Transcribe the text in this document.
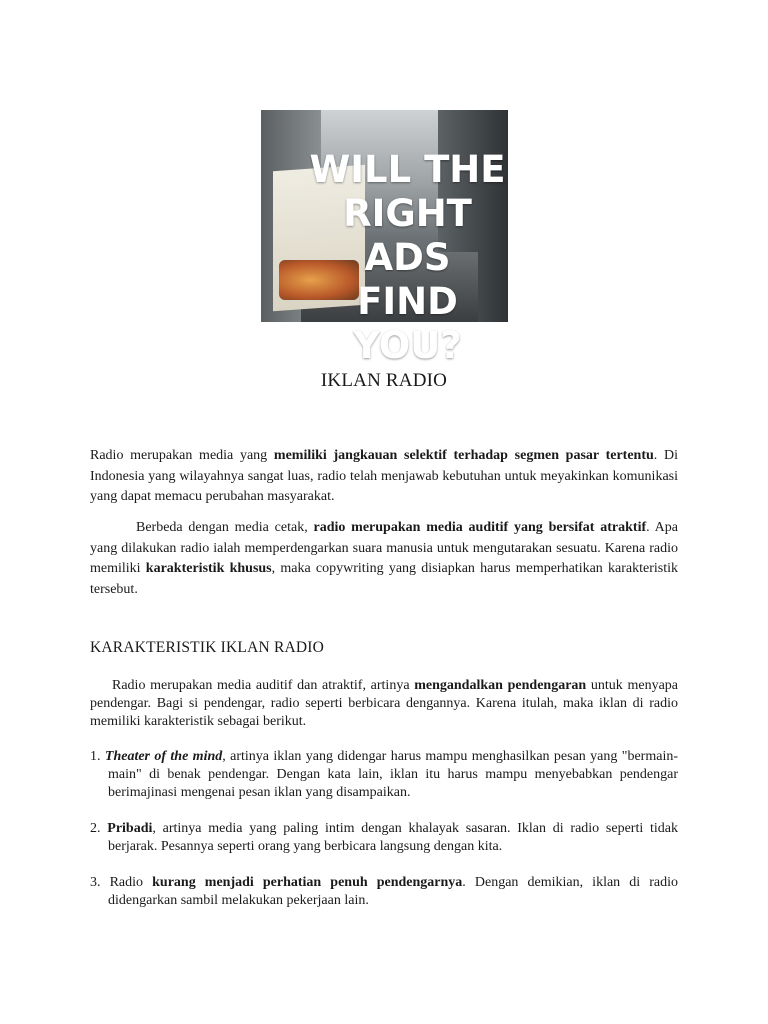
WILL THE
RIGHT ADS
FIND YOU?
IKLAN RADIO
Radio merupakan media yang memiliki jangkauan selektif terhadap segmen pasar tertentu. Di Indonesia yang wilayahnya sangat luas, radio telah menjawab kebutuhan untuk meyakinkan komunikasi yang dapat memacu perubahan masyarakat.
Berbeda dengan media cetak, radio merupakan media auditif yang bersifat atraktif. Apa yang dilakukan radio ialah memperdengarkan suara manusia untuk mengutarakan sesuatu. Karena radio memiliki karakteristik khusus, maka copywriting yang disiapkan harus memperhatikan karakteristik tersebut.
KARAKTERISTIK IKLAN RADIO
Radio merupakan media auditif dan atraktif, artinya mengandalkan pendengaran untuk menyapa pendengar. Bagi si pendengar, radio seperti berbicara dengannya. Karena itulah, maka iklan di radio memiliki karakteristik sebagai berikut.
1. Theater of the mind, artinya iklan yang didengar harus mampu menghasilkan pesan yang "bermain-main" di benak pendengar. Dengan kata lain, iklan itu harus mampu menyebabkan pendengar berimajinasi mengenai pesan iklan yang disampaikan.
2. Pribadi, artinya media yang paling intim dengan khalayak sasaran. Iklan di radio seperti tidak berjarak. Pesannya seperti orang yang berbicara langsung dengan kita.
3. Radio kurang menjadi perhatian penuh pendengarnya. Dengan demikian, iklan di radio didengarkan sambil melakukan pekerjaan lain.
